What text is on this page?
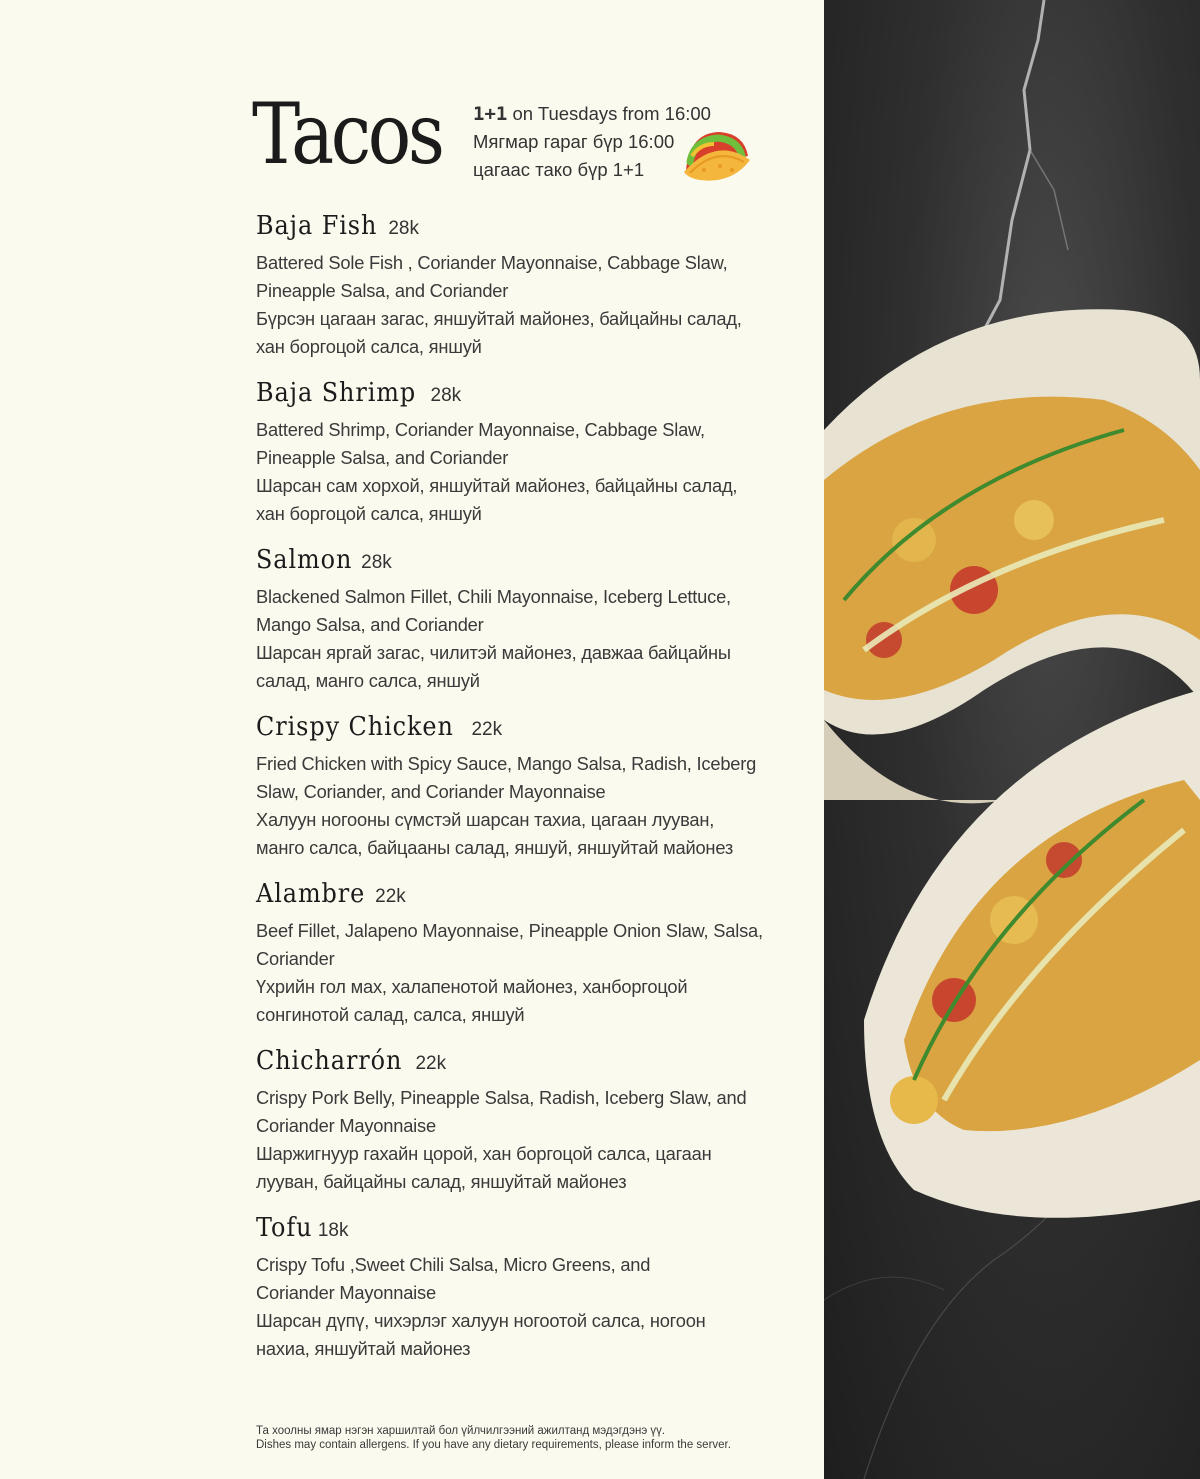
Tacos 1+1 on Tuesdays from 16:00
Мягмар гараг бүр 16:00
цагаас тако бүр 1+1
Baja Fish 28k
Battered Sole Fish , Coriander Mayonnaise, Cabbage Slaw,
Pineapple Salsa, and Coriander
Бүрсэн цагаан загас, яншуйтай майонез, байцайны салад,
хан боргоцой салса, яншуй
Baja Shrimp 28k
Battered Shrimp, Coriander Mayonnaise, Cabbage Slaw,
Pineapple Salsa, and Coriander
Шарсан сам хорхой, яншуйтай майонез, байцайны салад,
хан боргоцой салса, яншуй
Salmon 28k
Blackened Salmon Fillet, Chili Mayonnaise, Iceberg Lettuce,
Mango Salsa, and Coriander
Шарсан яргай загас, чилитэй майонез, давжаа байцайны
салад, манго салса, яншуй
Crispy Chicken 22k
Fried Chicken with Spicy Sauce, Mango Salsa, Radish, Iceberg
Slaw, Coriander, and Coriander Mayonnaise
Халуун ногооны сүмстэй шарсан тахиа, цагаан лууван,
манго салса, байцааны салад, яншуй, яншуйтай майонез
Alambre 22k
Beef Fillet, Jalapeno Mayonnaise, Pineapple Onion Slaw, Salsa,
Coriander
Үхрийн гол мах, халапенотой майонез, ханборгоцой
сонгинотой салад, салса, яншуй
Chicharrón 22k
Crispy Pork Belly, Pineapple Salsa, Radish, Iceberg Slaw, and
Coriander Mayonnaise
Шаржигнуур гахайн цорой, хан боргоцой салса, цагаан
лууван, байцайны салад, яншуйтай майонез
Tofu 18k
Crispy Tofu ,Sweet Chili Salsa, Micro Greens, and
Coriander Mayonnaise
Шарсан дүпү, чихэрлэг халуун ногоотой салса, ногоон
нахиа, яншуйтай майонез
Та хоолны ямар нэгэн харшилтай бол үйлчилгээний ажилтанд мэдэгдэнэ үү.
Dishes may contain allergens. If you have any dietary requirements, please inform the server.
